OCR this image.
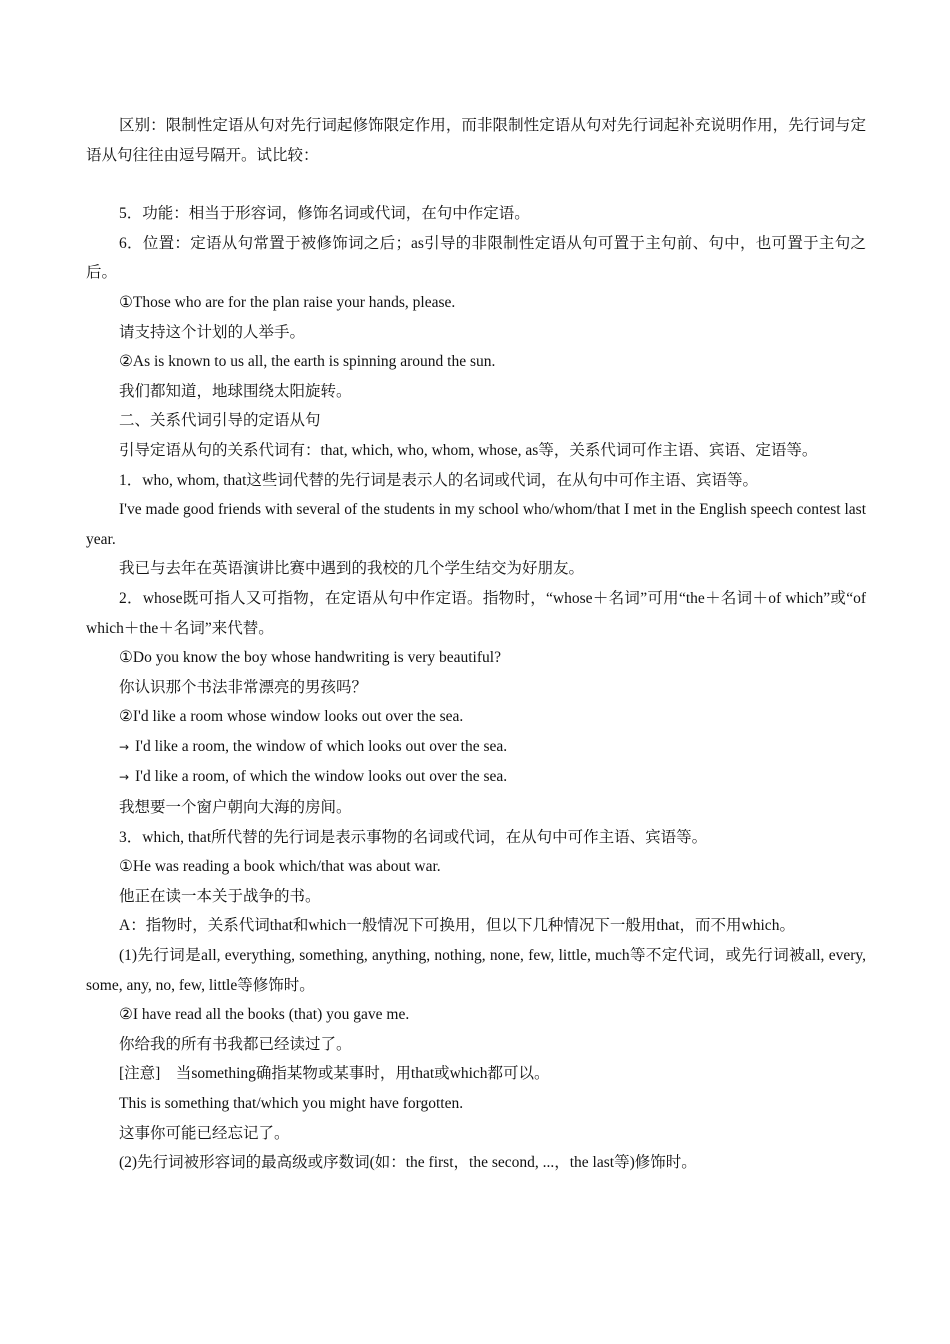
区别：限制性定语从句对先行词起修饰限定作用，而非限制性定语从句对先行词起补充说明作用，先行词与定语从句往往由逗号隔开。试比较：

5．功能：相当于形容词，修饰名词或代词，在句中作定语。

6．位置：定语从句常置于被修饰词之后；as引导的非限制性定语从句可置于主句前、句中，也可置于主句之后。

①Those who are for the plan raise your hands, please.

请支持这个计划的人举手。

②As is known to us all, the earth is spinning around the sun.

我们都知道，地球围绕太阳旋转。

二、关系代词引导的定语从句

引导定语从句的关系代词有：that, which, who, whom, whose, as等，关系代词可作主语、宾语、定语等。

1．who, whom, that这些词代替的先行词是表示人的名词或代词，在从句中可作主语、宾语等。

I've made good friends with several of the students in my school who/whom/that I met in the English speech contest last year.

我已与去年在英语演讲比赛中遇到的我校的几个学生结交为好朋友。

2．whose既可指人又可指物，在定语从句中作定语。指物时，“whose＋名词”可用“the＋名词＋of which”或“of which＋the＋名词”来代替。

①Do you know the boy whose handwriting is very beautiful?

你认识那个书法非常漂亮的男孩吗？

②I'd like a room whose window looks out over the sea.

→ I'd like a room, the window of which looks out over the sea.

→ I'd like a room, of which the window looks out over the sea.

我想要一个窗户朝向大海的房间。

3．which, that所代替的先行词是表示事物的名词或代词，在从句中可作主语、宾语等。

①He was reading a book which/that was about war.

他正在读一本关于战争的书。

A：指物时，关系代词that和which一般情况下可换用，但以下几种情况下一般用that，而不用which。

(1)先行词是all, everything, something, anything, nothing, none, few, little, much等不定代词，或先行词被all, every, some, any, no, few, little等修饰时。

②I have read all the books (that) you gave me.

你给我的所有书我都已经读过了。

[注意]　当something确指某物或某事时，用that或which都可以。

This is something that/which you might have forgotten.

这事你可能已经忘记了。

(2)先行词被形容词的最高级或序数词(如：the first，the second, ...，the last等)修饰时。
